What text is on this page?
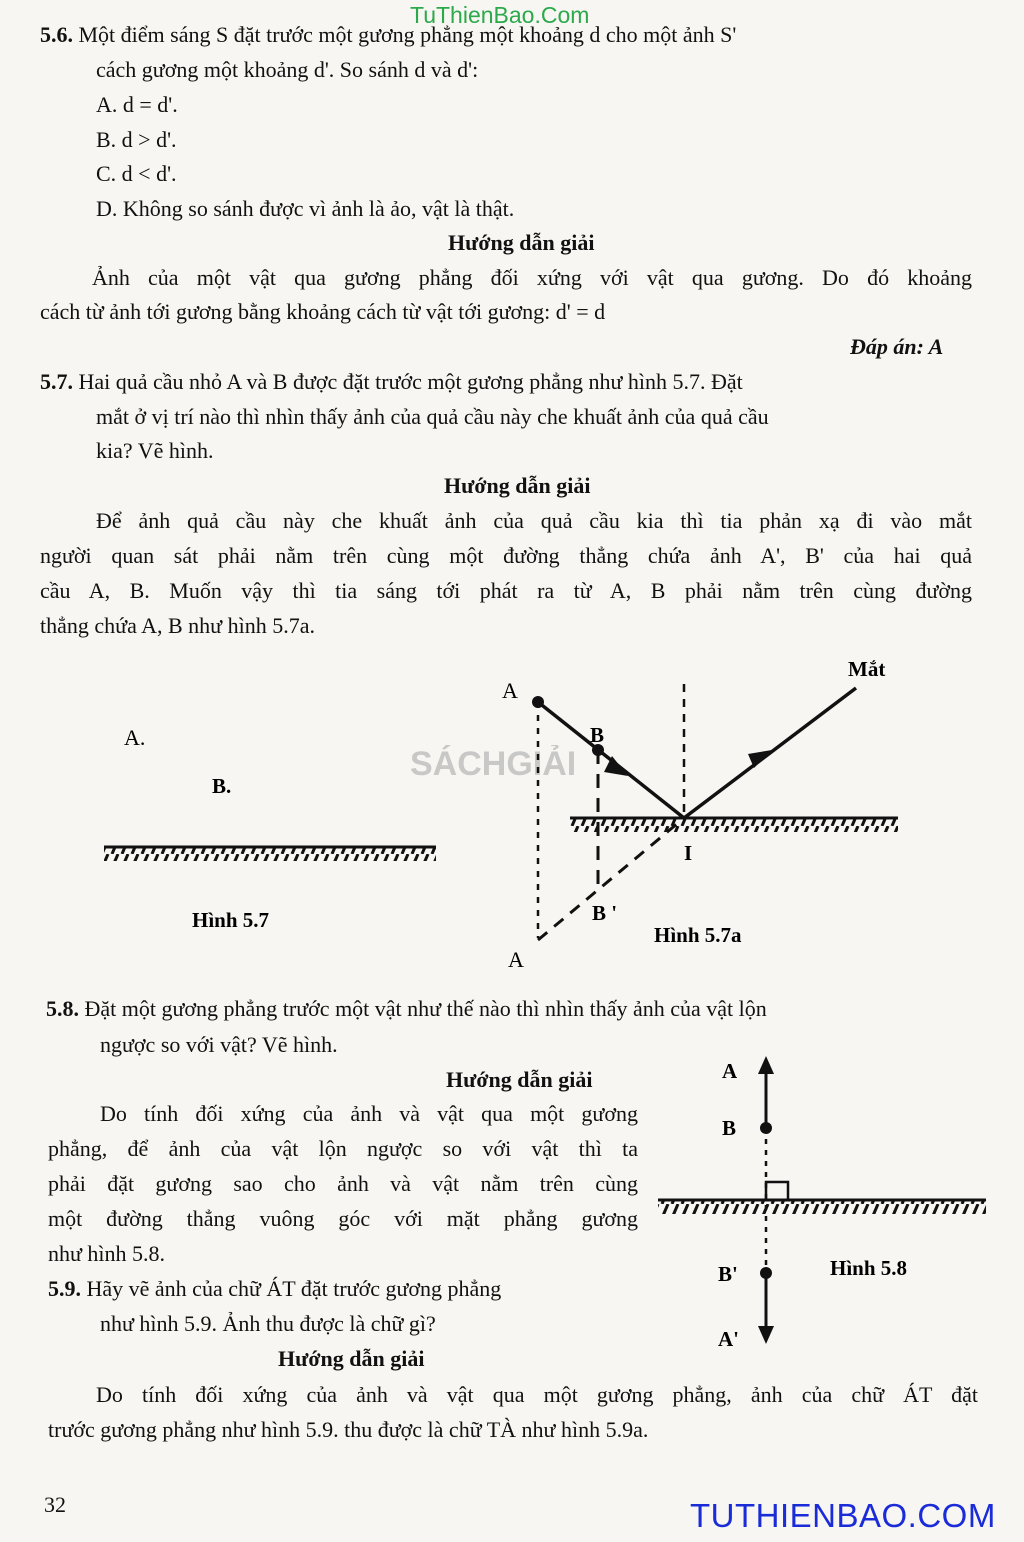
TuThienBao.Com
5.6. Một điểm sáng S đặt trước một gương phẳng một khoảng d cho một ảnh S'
cách gương một khoảng d'. So sánh d và d':
A. d = d'.
B. d > d'.
C. d < d'.
D. Không so sánh được vì ảnh là ảo, vật là thật.
Hướng dẫn giải
Ảnh của một vật qua gương phẳng đối xứng với vật qua gương. Do đó khoảng
cách từ ảnh tới gương bằng khoảng cách từ vật tới gương: d' = d
Đáp án: A
5.7. Hai quả cầu nhỏ A và B được đặt trước một gương phẳng như hình 5.7. Đặt
mắt ở vị trí nào thì nhìn thấy ảnh của quả cầu này che khuất ảnh của quả cầu
kia? Vẽ hình.
Hướng dẫn giải
Để ảnh quả cầu này che khuất ảnh của quả cầu kia thì tia phản xạ đi vào mắt
người quan sát phải nằm trên cùng một đường thẳng chứa ảnh A', B' của hai quả
cầu A, B. Muốn vậy thì tia sáng tới phát ra từ A, B phải nằm trên cùng đường
thẳng chứa A, B như hình 5.7a.
A.
B.
Hình 5.7
SÁCHGIẢI
A
B
Mắt
I
B '
A
Hình 5.7a
A
B
B'
A'
Hình 5.8
5.8. Đặt một gương phẳng trước một vật như thế nào thì nhìn thấy ảnh của vật lộn
ngược so với vật? Vẽ hình.
Hướng dẫn giải
Do tính đối xứng của ảnh và vật qua một gương
phẳng, để ảnh của vật lộn ngược so với vật thì ta
phải đặt gương sao cho ảnh và vật nằm trên cùng
một đường thẳng vuông góc với mặt phẳng gương
như hình 5.8.
5.9. Hãy vẽ ảnh của chữ ÁT đặt trước gương phẳng
như hình 5.9. Ảnh thu được là chữ gì?
Hướng dẫn giải
Do tính đối xứng của ảnh và vật qua một gương phẳng, ảnh của chữ ÁT đặt
trước gương phẳng như hình 5.9. thu được là chữ TÀ như hình 5.9a.
32	TUTHIENBAO.COM
